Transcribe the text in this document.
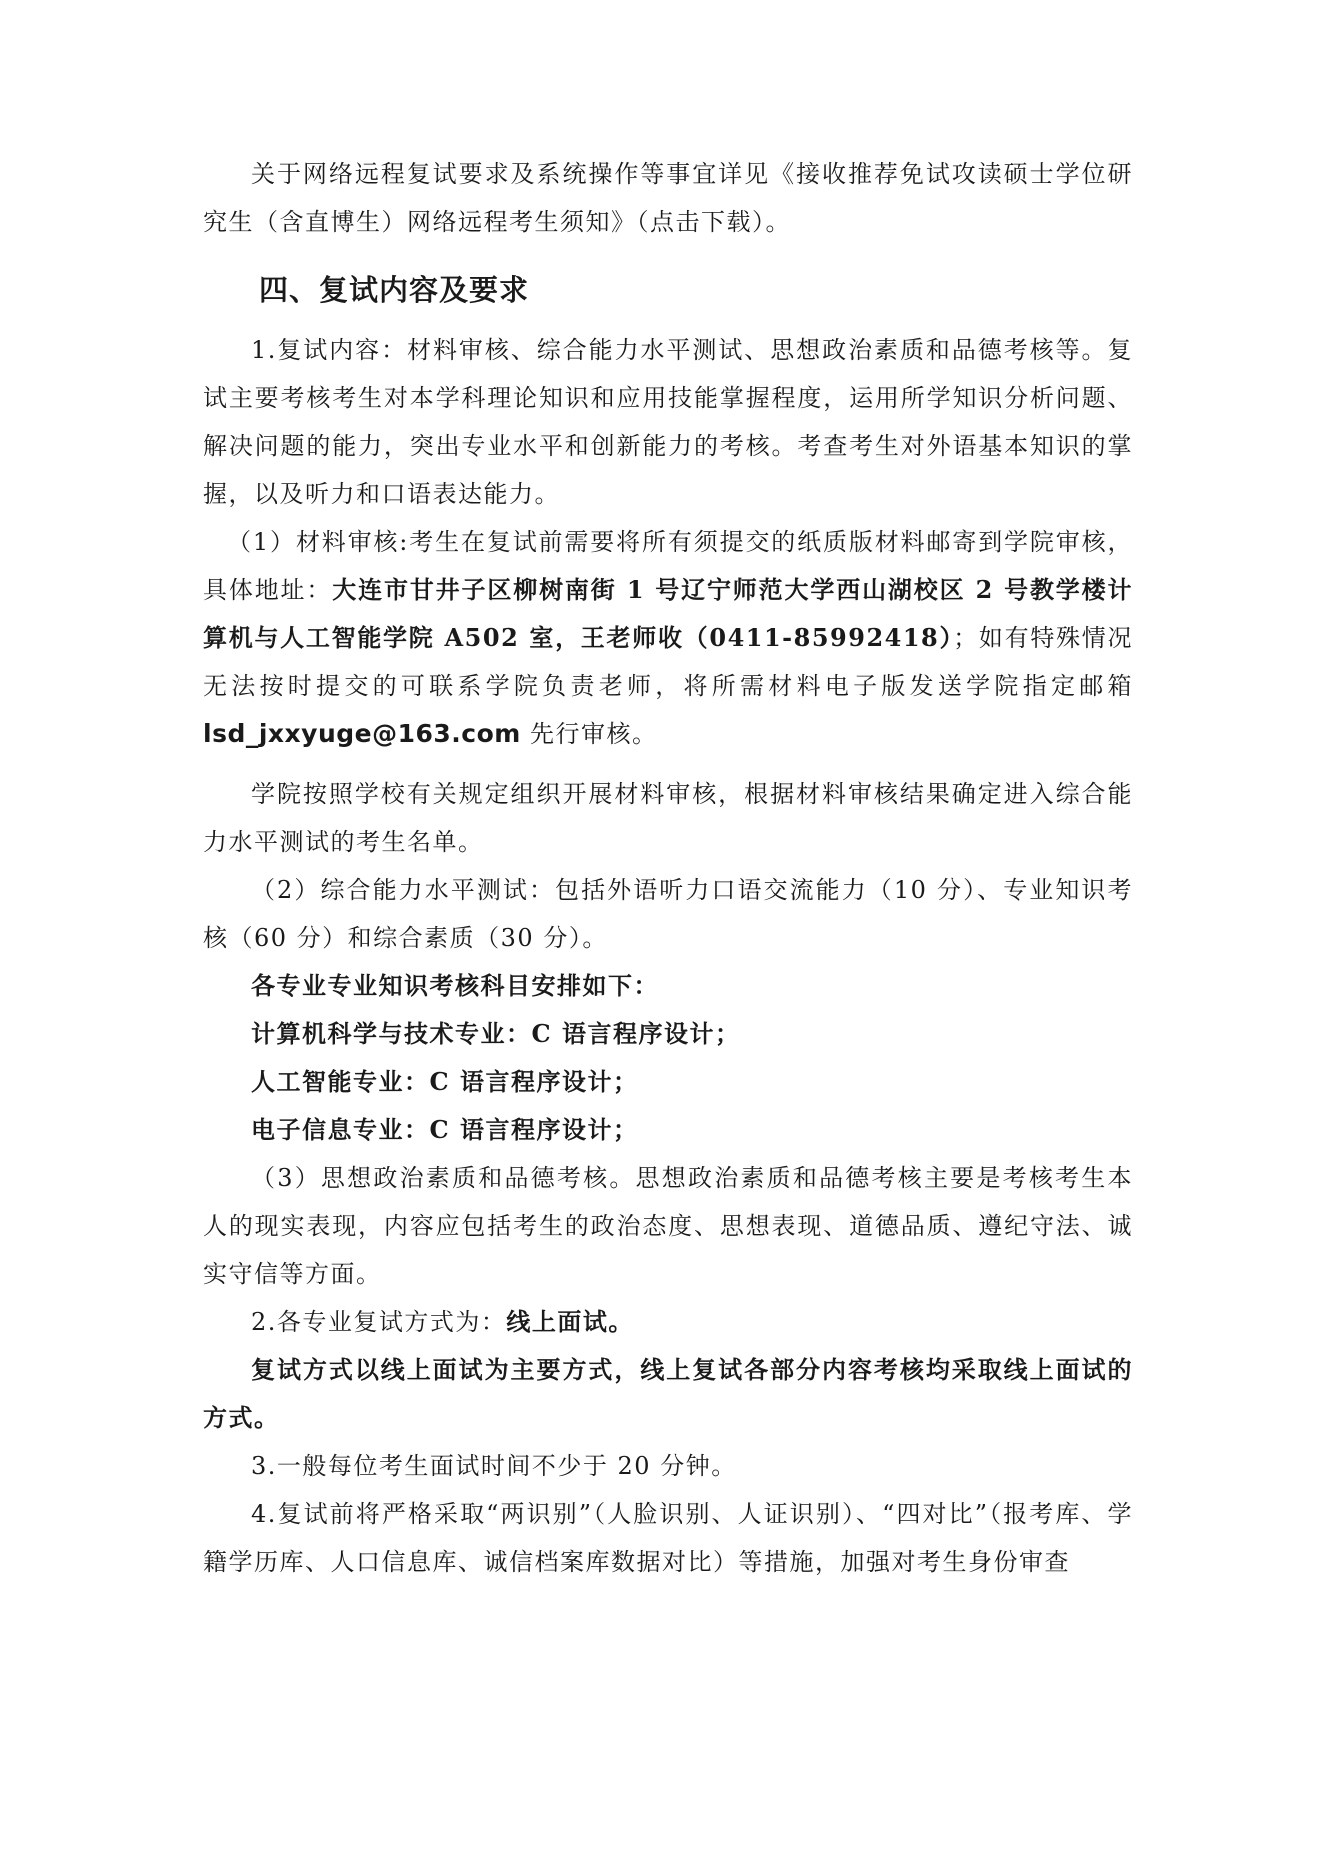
关于网络远程复试要求及系统操作等事宜详见《接收推荐免试攻读硕士学位研究生（含直博生）网络远程考生须知》（点击下载）。

四、复试内容及要求

1.复试内容：材料审核、综合能力水平测试、思想政治素质和品德考核等。复试主要考核考生对本学科理论知识和应用技能掌握程度，运用所学知识分析问题、解决问题的能力，突出专业水平和创新能力的考核。考查考生对外语基本知识的掌握，以及听力和口语表达能力。

（1）材料审核:考生在复试前需要将所有须提交的纸质版材料邮寄到学院审核，具体地址：大连市甘井子区柳树南街 1 号辽宁师范大学西山湖校区 2 号教学楼计算机与人工智能学院 A502 室，王老师收（0411-85992418）；如有特殊情况无法按时提交的可联系学院负责老师，将所需材料电子版发送学院指定邮箱lsd_jxxyuge@163.com 先行审核。

学院按照学校有关规定组织开展材料审核，根据材料审核结果确定进入综合能力水平测试的考生名单。

（2）综合能力水平测试：包括外语听力口语交流能力（10 分）、专业知识考核（60 分）和综合素质（30 分）。

各专业专业知识考核科目安排如下：

计算机科学与技术专业：C 语言程序设计；

人工智能专业：C 语言程序设计；

电子信息专业：C 语言程序设计；

（3）思想政治素质和品德考核。思想政治素质和品德考核主要是考核考生本人的现实表现，内容应包括考生的政治态度、思想表现、道德品质、遵纪守法、诚实守信等方面。

2.各专业复试方式为：线上面试。

复试方式以线上面试为主要方式，线上复试各部分内容考核均采取线上面试的方式。

3.一般每位考生面试时间不少于 20 分钟。

4.复试前将严格采取“两识别”（人脸识别、人证识别）、“四对比”（报考库、学籍学历库、人口信息库、诚信档案库数据对比）等措施，加强对考生身份审查
